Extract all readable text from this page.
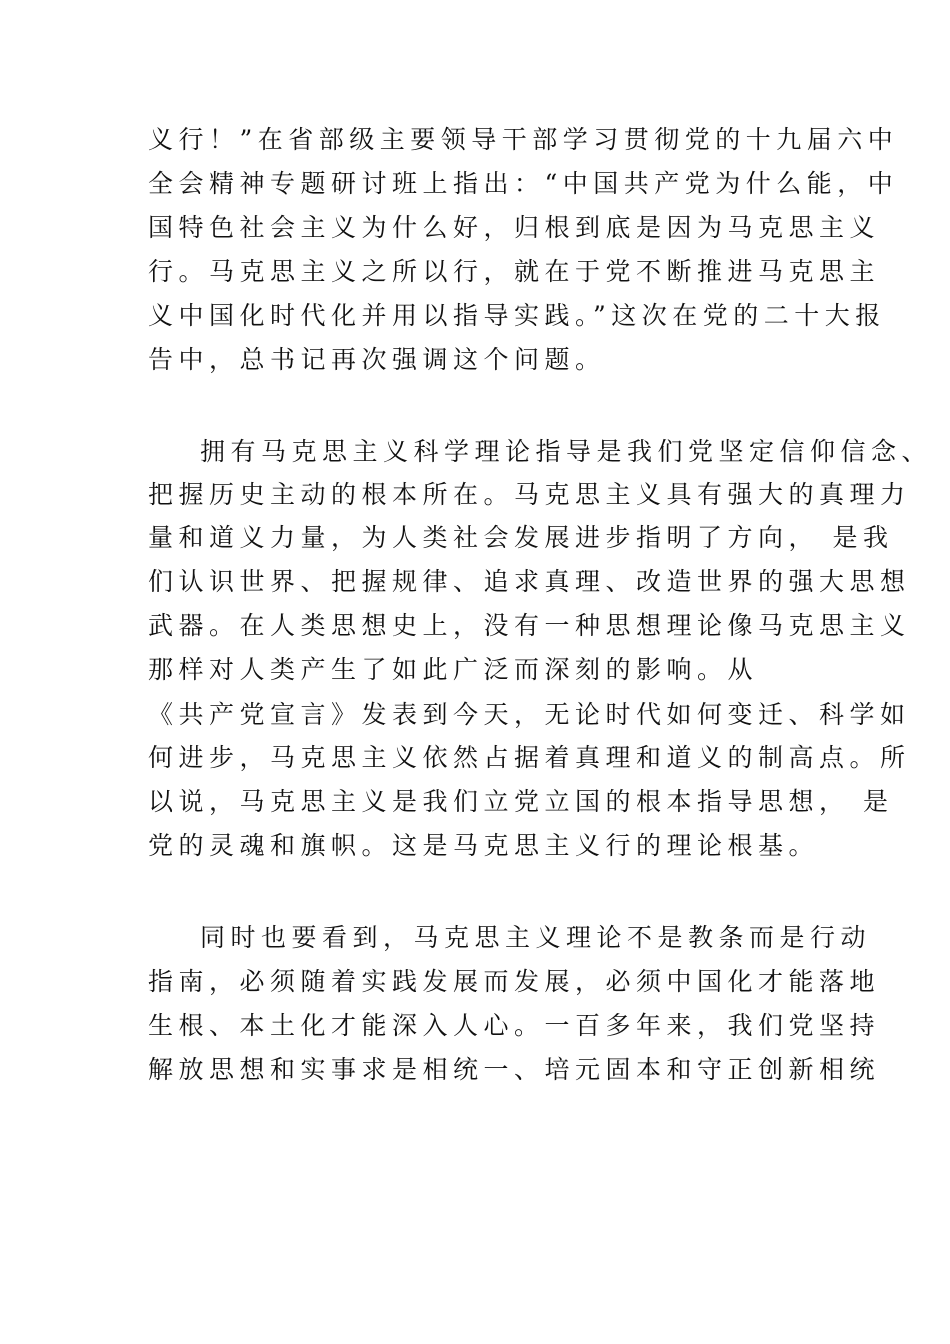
义行！”在省部级主要领导干部学习贯彻党的十九届六中
全会精神专题研讨班上指出：“中国共产党为什么能，中
国特色社会主义为什么好，归根到底是因为马克思主义
行。马克思主义之所以行，就在于党不断推进马克思主
义中国化时代化并用以指导实践。”这次在党的二十大报
告中，总书记再次强调这个问题。
拥有马克思主义科学理论指导是我们党坚定信仰信念、
把握历史主动的根本所在。马克思主义具有强大的真理力
量和道义力量，为人类社会发展进步指明了方向， 是我
们认识世界、把握规律、追求真理、改造世界的强大思想
武器。在人类思想史上，没有一种思想理论像马克思主义
那样对人类产生了如此广泛而深刻的影响。从
《共产党宣言》发表到今天，无论时代如何变迁、科学如
何进步，马克思主义依然占据着真理和道义的制高点。所
以说，马克思主义是我们立党立国的根本指导思想， 是
党的灵魂和旗帜。这是马克思主义行的理论根基。
同时也要看到，马克思主义理论不是教条而是行动
指南，必须随着实践发展而发展，必须中国化才能落地
生根、本土化才能深入人心。一百多年来，我们党坚持
解放思想和实事求是相统一、培元固本和守正创新相统
